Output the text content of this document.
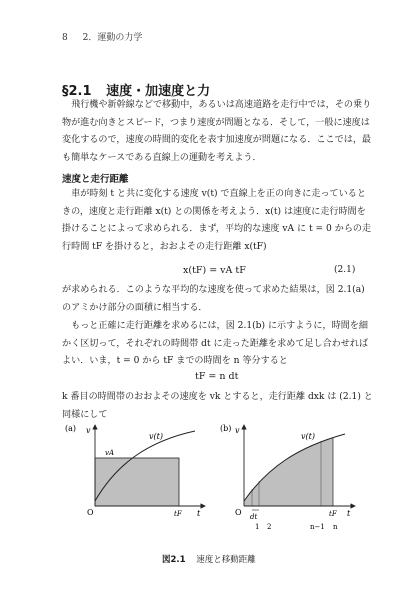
8 2．運動の力学
§2.1 速度・加速度と力
　飛行機や新幹線などで移動中，あるいは高速道路を走行中では，その乗り
物が進む向きとスピード，つまり速度が問題となる．そして，一般に速度は
変化するので，速度の時間的変化を表す加速度が問題になる．ここでは，最
も簡単なケースである直線上の運動を考えよう．
速度と走行距離
　車が時刻 t と共に変化する速度 v(t) で直線上を正の向きに走っていると
きの，速度と走行距離 x(t) との関係を考えよう．x(t) は速度に走行時間を
掛けることによって求められる．まず，平均的な速度 vA に t = 0 からの走
行時間 tF を掛けると，おおよその走行距離 x(tF)
x(tF) = vA tF	(2.1)
が求められる．このような平均的な速度を使って求めた結果は，図 2.1(a)
のアミかけ部分の面積に相当する．
　もっと正確に走行距離を求めるには，図 2.1(b) に示すように，時間を細
かく区切って，それぞれの時間帯 dt に走った距離を求めて足し合わせれば
よい．いま，t = 0 から tF までの時間を n 等分すると
tF = n dt
k 番目の時間帯のおおよその速度を vk とすると，走行距離 dxk は (2.1) と
同様にして
(a) v
v(t)
vA
O	tF t
(b) v
v(t)
O dt
1 2	n−1 n
tF t
図2.1 速度と移動距離
